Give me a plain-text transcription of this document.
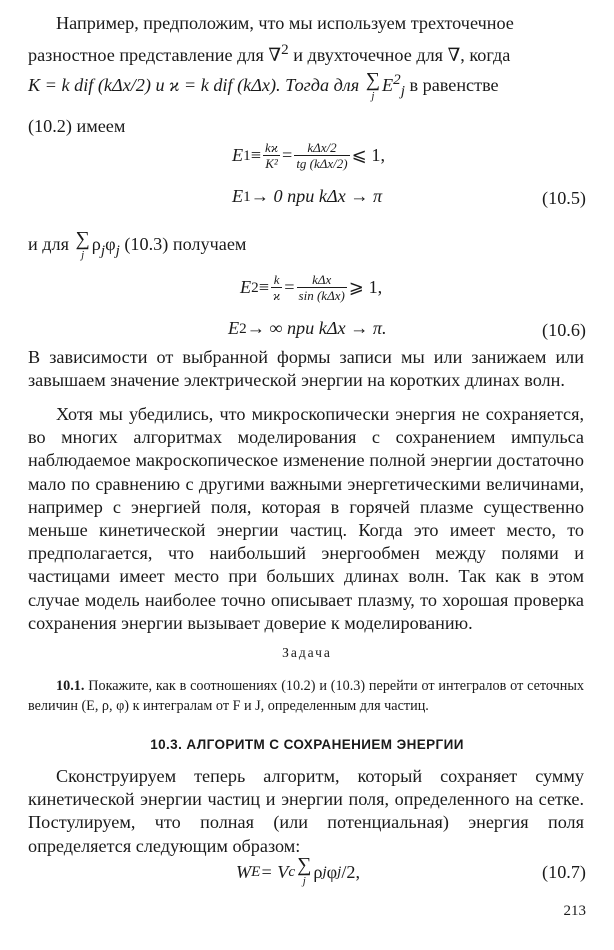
Например, предположим, что мы используем трехточечное
разностное представление для ∇$^2$ и двухточечное для ∇, когда
K = k dif (kΔx/2) и ϰ = k dif (kΔx). Тогда для ∑
j
$E^2_j$ в равенстве
(10.2) имеем
E $1 \equiv \frac{kϰ}{\text{K²}} = \frac{\text{kΔx/2}}{\text{tg (kΔx/2)}}$ ⩽ 1,
E 1 → 0 при kΔx → π	(10.5)
и для ∑
j
$\rho_j\varphi_j$ (10.3) получаем
E $2 \equiv \frac{k}{ϰ} = \frac{\text{kΔx}}{\text{sin (kΔx)}}$ ⩾ 1,
E 2 → ∞ при kΔx → π.	(10.6)

В зависимости от выбранной формы записи мы или занижаем или завышаем значение электрической энергии на коротких длинах волн.

Хотя мы убедились, что микроскопически энергия не сохраняется, во многих алгоритмах моделирования с сохранением импульса наблюдаемое макроскопическое изменение полной энергии достаточно мало по сравнению с другими важными энергетическими величинами, например с энергией поля, которая в горячей плазме существенно меньше кинетической энергии частиц. Когда это имеет место, то предполагается, что наибольший энергообмен между полями и частицами имеет место при больших длинах волн. Так как в этом случае модель наиболее точно описывает плазму, то хорошая проверка сохранения энергии вызывает доверие к моделированию.

Задача

10.1. Покажите, как в соотношениях (10.2) и (10.3) перейти от интегралов от сеточных величин (E, ρ, φ) к интегралам от F и J, определенным для частиц.

10.3. АЛГОРИТМ С СОХРАНЕНИЕМ ЭНЕРГИИ

Сконструируем теперь алгоритм, который сохраняет сумму кинетической энергии частиц и энергии поля, определенного на сетке. Постулируем, что полная (или потенциальная) энергия поля определяется следующим образом:

W E = V c ∑
j ρ j φ j /2,	(10.7)
213
